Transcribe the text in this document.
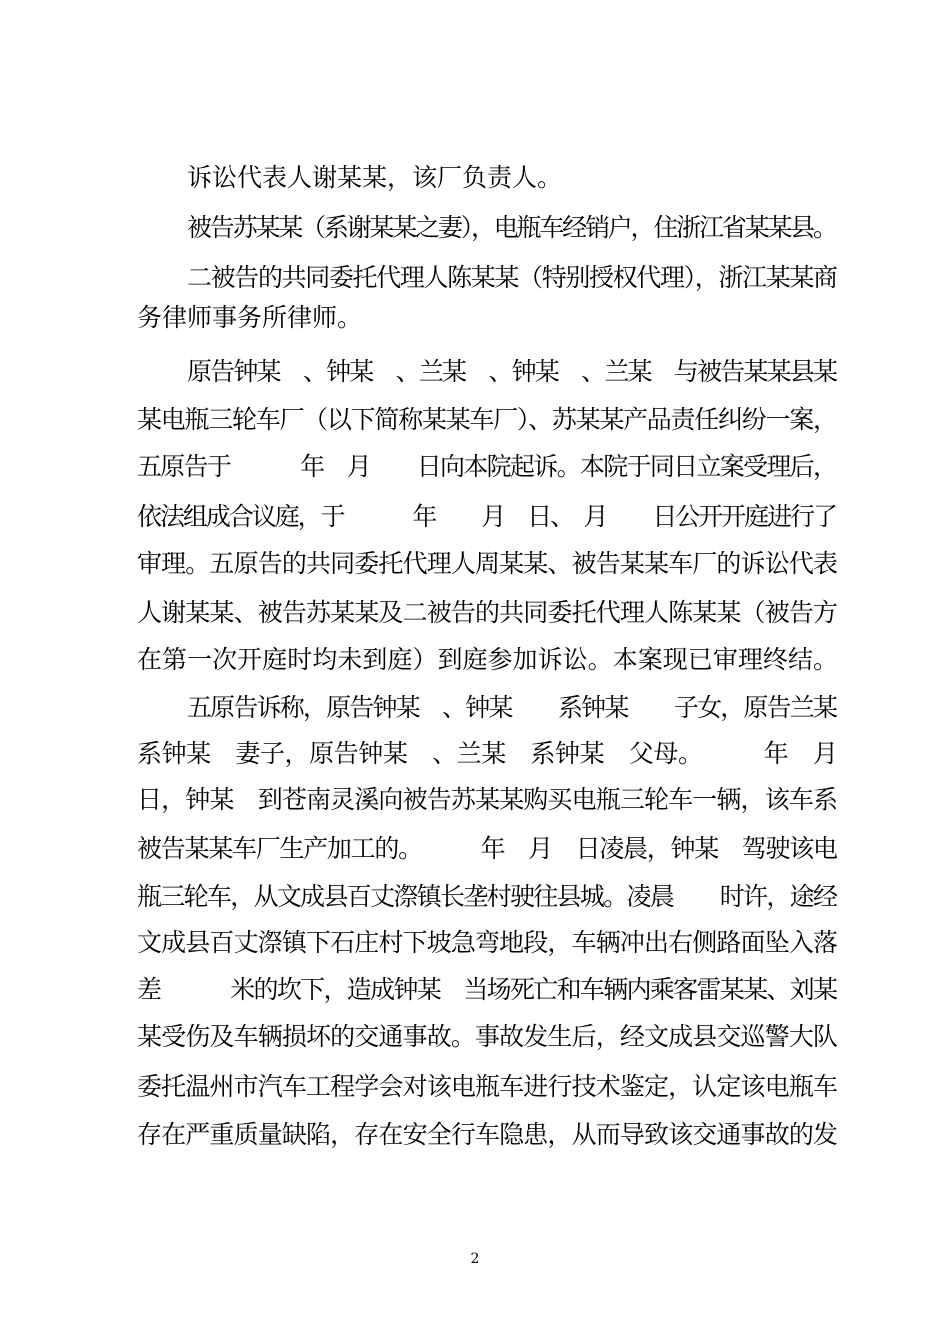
诉讼代表人谢某某，该厂负责人。
被告苏某某（系谢某某之妻），电瓶车经销户，住浙江省某某县。
二被告的共同委托代理人陈某某（特别授权代理），浙江某某商
务律师事务所律师。
原告钟某　、钟某　、兰某　、钟某　、兰某　与被告某某县某
某电瓶三轮车厂（以下简称某某车厂）、苏某某产品责任纠纷一案，
五原告于　　　年　月　　日向本院起诉。本院于同日立案受理后，
依法组成合议庭，于　　　年　　月　日、　月　　日公开开庭进行了
审理。五原告的共同委托代理人周某某、被告某某车厂的诉讼代表
人谢某某、被告苏某某及二被告的共同委托代理人陈某某（被告方
在第一次开庭时均未到庭）到庭参加诉讼。本案现已审理终结。
五原告诉称，原告钟某　、钟某　　系钟某　　子女，原告兰某
系钟某　妻子，原告钟某　、兰某　系钟某　父母。　　　年　月
日，钟某　到苍南灵溪向被告苏某某购买电瓶三轮车一辆，该车系
被告某某车厂生产加工的。　　　年　月　日凌晨，钟某　驾驶该电
瓶三轮车，从文成县百丈漈镇长垄村驶往县城。凌晨　　时许，途经
文成县百丈漈镇下石庄村下坡急弯地段，车辆冲出右侧路面坠入落
差　　　米的坎下，造成钟某　当场死亡和车辆内乘客雷某某、刘某
某受伤及车辆损坏的交通事故。事故发生后，经文成县交巡警大队
委托温州市汽车工程学会对该电瓶车进行技术鉴定，认定该电瓶车
存在严重质量缺陷，存在安全行车隐患，从而导致该交通事故的发
2
